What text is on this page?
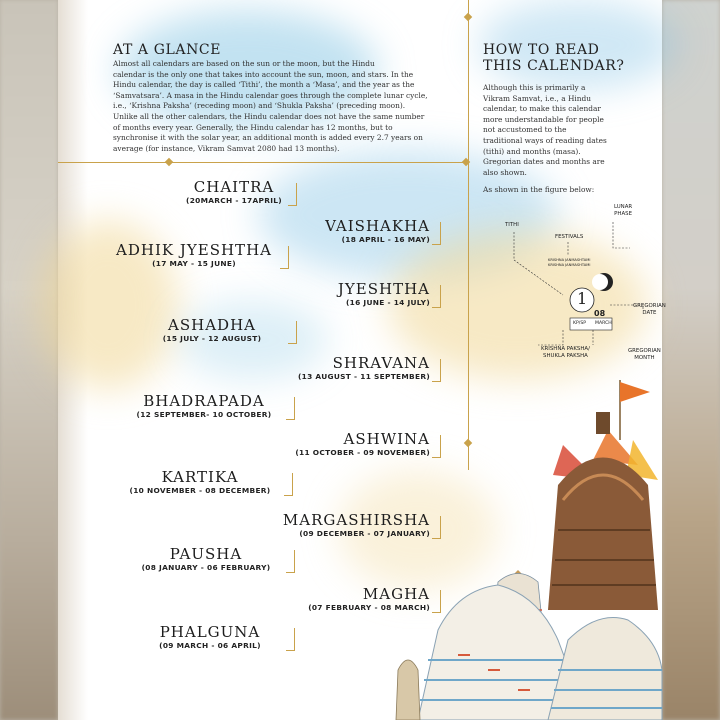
AT A GLANCE
Almost all calendars are based on the sun or the moon, but the Hindu
calendar is the only one that takes into account the sun, moon, and stars. In the
Hindu calendar, the day is called ‘Tithi’, the month a ‘Masa’, and the year as the
‘Samvatsara’. A masa in the Hindu calendar goes through the complete lunar cycle,
i.e., ‘Krishna Paksha’ (receding moon) and ‘Shukla Paksha’ (preceding moon).
Unlike all the other calendars, the Hindu calendar does not have the same number
of months every year. Generally, the Hindu calendar has 12 months, but to
synchronise it with the solar year, an additional month is added every 2.7 years on
average (for instance, Vikram Samvat 2080 had 13 months).
HOW TO READ
THIS CALENDAR?
Although this is primarily a
Vikram Samvat, i.e., a Hindu
calendar, to make this calendar
more understandable for people
not accustomed to the
traditional ways of reading dates
(tithi) and months (masa).
Gregorian dates and months are
also shown.
As shown in the figure below:
LUNAR
PHASE
TITHI
FESTIVALS
KRISHNA JANMASHTAMI
KRISHNA JANMASHTAMI
1
08
KP/SP MARCH
GREGORIAN
DATE
KRISHNA PAKSHA/
SHUKLA PAKSHA
GREGORIAN
MONTH
CHAITRA
(20MARCH - 17APRIL)
VAISHAKHA
(18 APRIL - 16 MAY)
ADHIK JYESHTHA
(17 MAY - 15 JUNE)
JYESHTHA
(16 JUNE - 14 JULY)
ASHADHA
(15 JULY - 12 AUGUST)
SHRAVANA
(13 AUGUST - 11 SEPTEMBER)
BHADRAPADA
(12 SEPTEMBER- 10 OCTOBER)
ASHWINA
(11 OCTOBER - 09 NOVEMBER)
KARTIKA
(10 NOVEMBER - 08 DECEMBER)
MARGASHIRSHA
(09 DECEMBER - 07 JANUARY)
PAUSHA
(08 JANUARY - 06 FEBRUARY)
MAGHA
(07 FEBRUARY - 08 MARCH)
PHALGUNA
(09 MARCH - 06 APRIL)
